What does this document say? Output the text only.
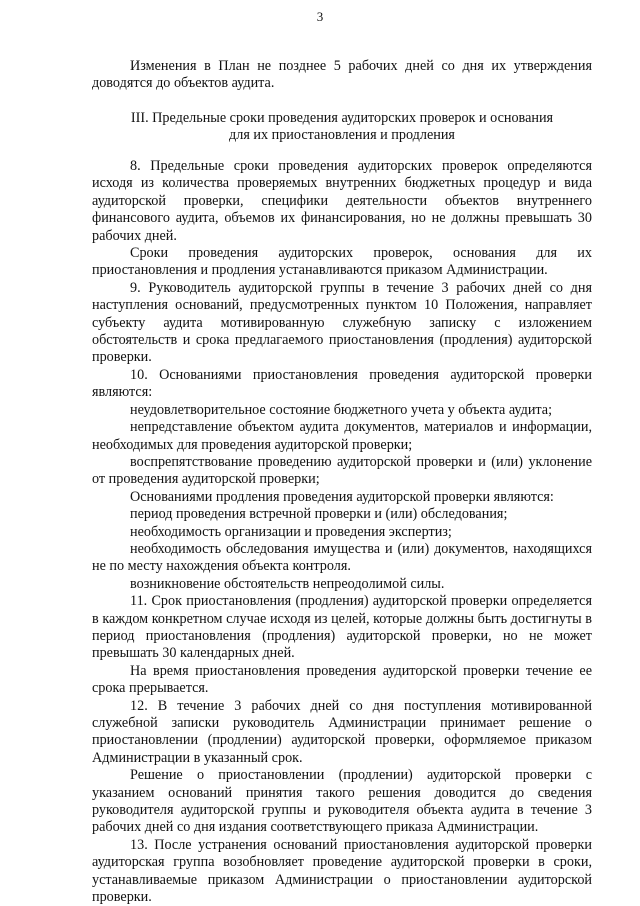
3

Изменения в План не позднее 5 рабочих дней со дня их утверждения доводятся до объектов аудита.

III. Предельные сроки проведения аудиторских проверок и основания
для их приостановления и продления

8. Предельные сроки проведения аудиторских проверок определяются исходя из количества проверяемых внутренних бюджетных процедур и вида аудиторской проверки, специфики деятельности объектов внутреннего финансового аудита, объемов их финансирования, но не должны превышать 30 рабочих дней.

Сроки проведения аудиторских проверок, основания для их приостановления и продления устанавливаются приказом Администрации.

9. Руководитель аудиторской группы в течение 3 рабочих дней со дня наступления оснований, предусмотренных пунктом 10 Положения, направляет субъекту аудита мотивированную служебную записку с изложением обстоятельств и срока предлагаемого приостановления (продления) аудиторской проверки.

10. Основаниями приостановления проведения аудиторской проверки являются:

неудовлетворительное состояние бюджетного учета у объекта аудита;

непредставление объектом аудита документов, материалов и информации, необходимых для проведения аудиторской проверки;

воспрепятствование проведению аудиторской проверки и (или) уклонение от проведения аудиторской проверки;

Основаниями продления проведения аудиторской проверки являются:

период проведения встречной проверки и (или) обследования;

необходимость организации и проведения экспертиз;

необходимость обследования имущества и (или) документов, находящихся не по месту нахождения объекта контроля.

возникновение обстоятельств непреодолимой силы.

11. Срок приостановления (продления) аудиторской проверки определяется в каждом конкретном случае исходя из целей, которые должны быть достигнуты в период приостановления (продления) аудиторской проверки, но не может превышать 30 календарных дней.

На время приостановления проведения аудиторской проверки течение ее срока прерывается.

12. В течение 3 рабочих дней со дня поступления мотивированной служебной записки руководитель Администрации принимает решение о приостановлении (продлении) аудиторской проверки, оформляемое приказом Администрации в указанный срок.

Решение о приостановлении (продлении) аудиторской проверки с указанием оснований принятия такого решения доводится до сведения руководителя аудиторской группы и руководителя объекта аудита в течение 3 рабочих дней со дня издания соответствующего приказа Администрации.

13. После устранения оснований приостановления аудиторской проверки аудиторская группа возобновляет проведение аудиторской проверки в сроки, устанавливаемые приказом Администрации о приостановлении аудиторской проверки.
